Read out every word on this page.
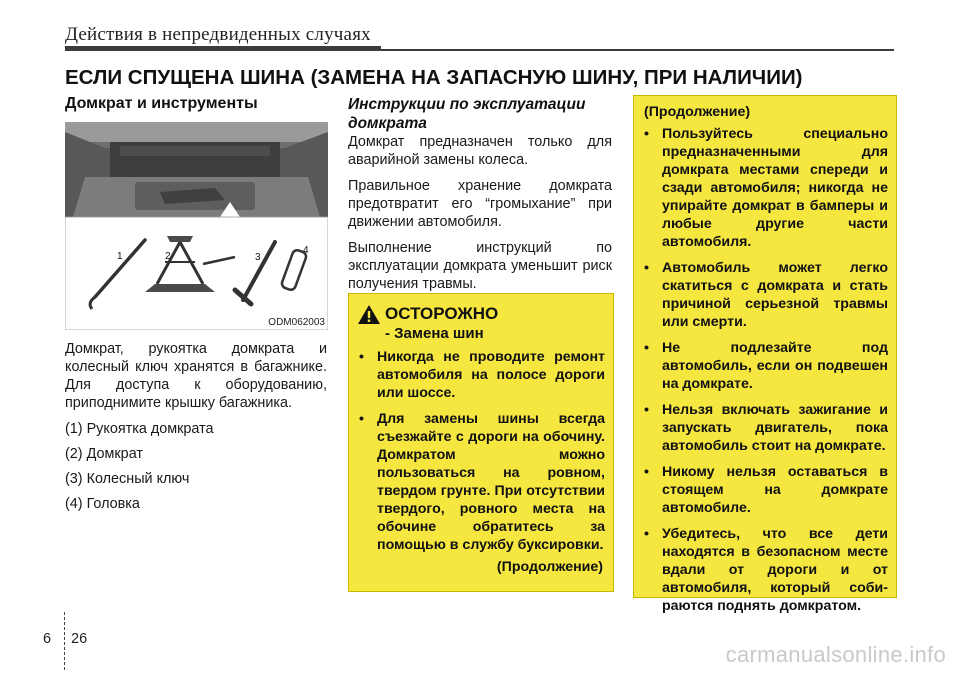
Действия в непредвиденных случаях
ЕСЛИ СПУЩЕНА ШИНА (ЗАМЕНА НА ЗАПАСНУЮ ШИНУ, ПРИ НАЛИЧИИ)
Домкрат и инструменты
1	2	3
4
ODM062003

Домкрат, рукоятка домкрата и колесный ключ хранятся в багажнике. Для доступа к оборудованию, приподнимите крышку багажника.

(1) Рукоятка домкрата
(2) Домкрат
(3) Колесный ключ
(4) Головка
Инструкции по эксплуатации домкрата

Домкрат предназначен только для аварийной замены колеса.

Правильное хранение домкрата предотвратит его “громыхание” при движении автомобиля.

Выполнение инструкций по эксплуатации домкрата уменьшит риск получения травмы.

ОСТОРОЖНО
- Замена шин
• Никогда не проводите ремонт автомобиля на полосе дороги или шоссе.
• Для замены шины всегда съезжайте с дороги на обочину. Домкратом можно пользоваться на ровном, твердом грунте. При отсутствии твердого, ровного места на обочине обратитесь за помощью в службу буксировки.
(Продолжение)
(Продолжение)
• Пользуйтесь специально предназначенными для домкрата местами спереди и сзади автомобиля; никогда не упирайте домкрат в бамперы и любые другие части автомобиля.
• Автомобиль может легко скатиться с домкрата и стать причиной серьезной травмы или смерти.
• Не подлезайте под автомобиль, если он подвешен на домкрате.
• Нельзя включать зажигание и запускать двигатель, пока автомобиль стоит на домкрате.
• Никому нельзя оставаться в стоящем на домкрате автомобиле.
• Убедитесь, что все дети находятся в безопасном месте вдали от дороги и от автомобиля, который соби-раются поднять домкратом.
6 26
carmanualsonline.info
